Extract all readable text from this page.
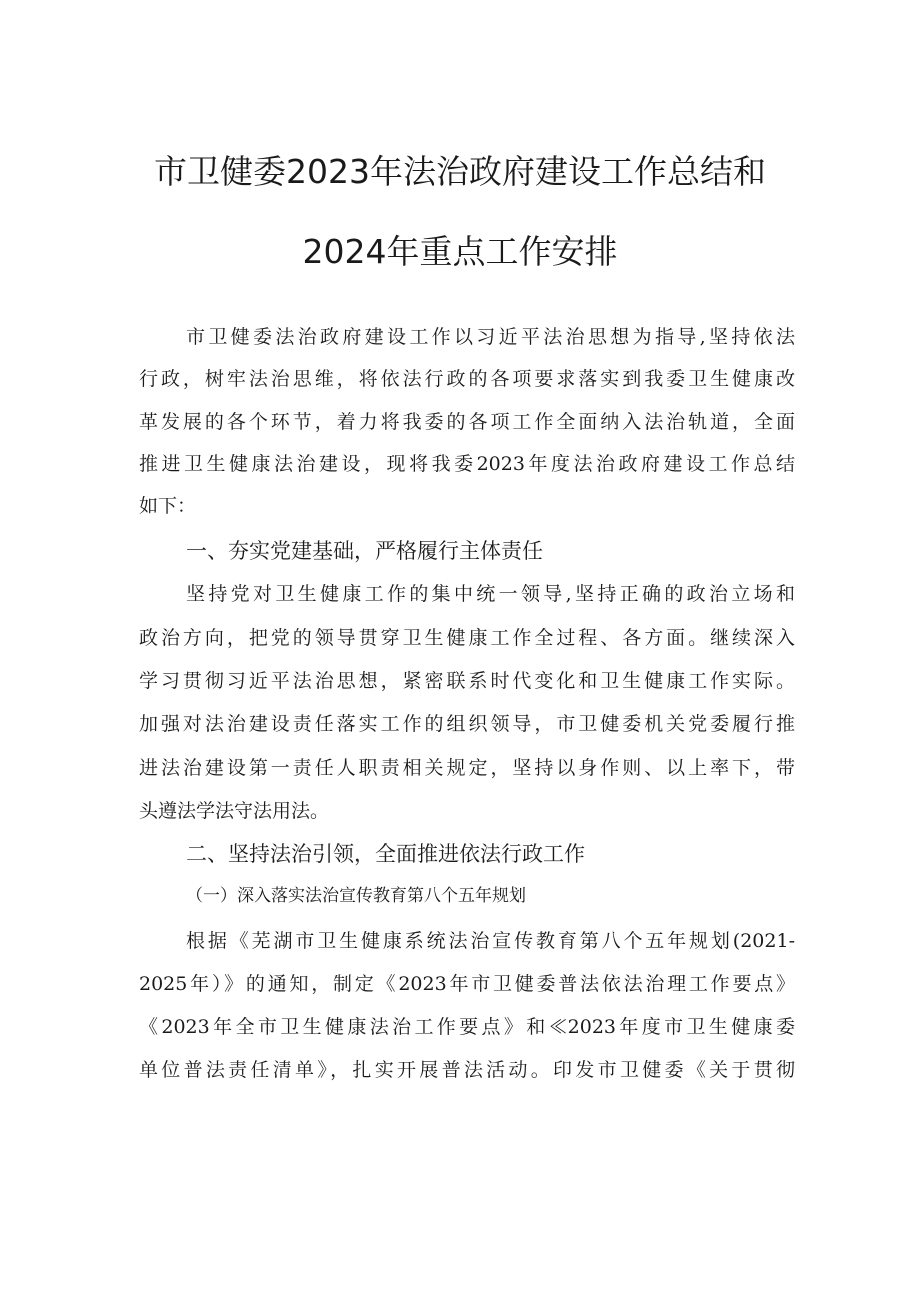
市卫健委2023年法治政府建设工作总结和
2024年重点工作安排
市卫健委法治政府建设工作以习近平法治思想为指导,坚持依法
行政，树牢法治思维，将依法行政的各项要求落实到我委卫生健康改
革发展的各个环节，着力将我委的各项工作全面纳入法治轨道，全面
推进卫生健康法治建设，现将我委2023年度法治政府建设工作总结
如下：
一、夯实党建基础，严格履行主体责任
坚持党对卫生健康工作的集中统一领导,坚持正确的政治立场和
政治方向，把党的领导贯穿卫生健康工作全过程、各方面。继续深入
学习贯彻习近平法治思想，紧密联系时代变化和卫生健康工作实际。
加强对法治建设责任落实工作的组织领导，市卫健委机关党委履行推
进法治建设第一责任人职责相关规定，坚持以身作则、以上率下，带
头遵法学法守法用法。
二、坚持法治引领，全面推进依法行政工作
（一）深入落实法治宣传教育第八个五年规划
根据《芜湖市卫生健康系统法治宣传教育第八个五年规划(2021-
2025年）》的通知，制定《2023年市卫健委普法依法治理工作要点》
《2023年全市卫生健康法治工作要点》和≪2023年度市卫生健康委
单位普法责任清单》，扎实开展普法活动。印发市卫健委《关于贯彻
